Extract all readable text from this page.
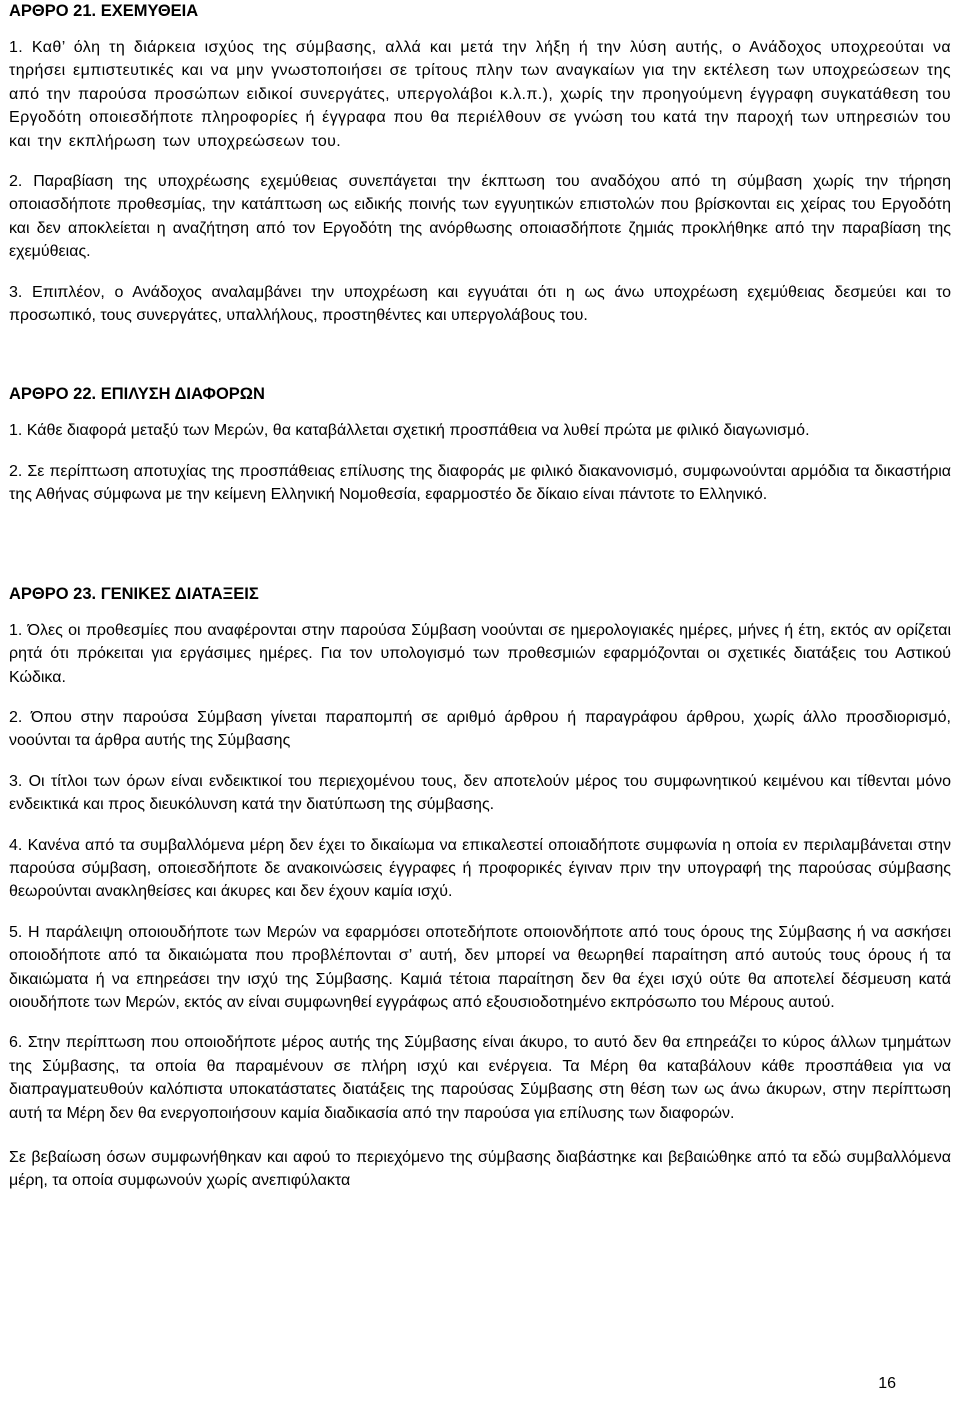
ΑΡΘΡΟ 21. ΕΧΕΜΥΘΕΙΑ

1. Καθ’ όλη τη διάρκεια ισχύος της σύμβασης, αλλά και μετά την λήξη ή την λύση αυτής, ο Ανάδοχος υποχρεούται να τηρήσει εμπιστευτικές και να μην γνωστοποιήσει σε τρίτους πλην των αναγκαίων για την εκτέλεση των υποχρεώσεων της από την παρούσα προσώπων ειδικοί συνεργάτες, υπεργολάβοι κ.λ.π.), χωρίς την προηγούμενη έγγραφη συγκατάθεση του Εργοδότη οποιεσδήποτε πληροφορίες ή έγγραφα που θα περιέλθουν σε γνώση του κατά την παροχή των υπηρεσιών του και την εκπλήρωση των υποχρεώσεων του.

2. Παραβίαση της υποχρέωσης εχεμύθειας συνεπάγεται την έκπτωση του αναδόχου από τη σύμβαση χωρίς την τήρηση οποιασδήποτε προθεσμίας, την κατάπτωση ως ειδικής ποινής των εγγυητικών επιστολών που βρίσκονται εις χείρας του Εργοδότη και δεν αποκλείεται η αναζήτηση από τον Εργοδότη της ανόρθωσης οποιασδήποτε ζημιάς προκλήθηκε από την παραβίαση της εχεμύθειας.

3. Επιπλέον, ο Ανάδοχος αναλαμβάνει την υποχρέωση και εγγυάται ότι η ως άνω υποχρέωση εχεμύθειας δεσμεύει και το προσωπικό, τους συνεργάτες, υπαλλήλους, προστηθέντες και υπεργολάβους του.

ΑΡΘΡΟ 22. ΕΠΙΛΥΣΗ ΔΙΑΦΟΡΩΝ

1. Κάθε διαφορά μεταξύ των Μερών, θα καταβάλλεται σχετική προσπάθεια να λυθεί πρώτα με φιλικό διαγωνισμό.

2. Σε περίπτωση αποτυχίας της προσπάθειας επίλυσης της διαφοράς με φιλικό διακανονισμό, συμφωνούνται αρμόδια τα δικαστήρια της Αθήνας σύμφωνα με την κείμενη Ελληνική Νομοθεσία, εφαρμοστέο δε δίκαιο είναι πάντοτε το Ελληνικό.

ΑΡΘΡΟ 23. ΓΕΝΙΚΕΣ ΔΙΑΤΑΞΕΙΣ

1. Όλες οι προθεσμίες που αναφέρονται στην παρούσα Σύμβαση νοούνται σε ημερολογιακές ημέρες, μήνες ή έτη, εκτός αν ορίζεται ρητά ότι πρόκειται για εργάσιμες ημέρες. Για τον υπολογισμό των προθεσμιών εφαρμόζονται οι σχετικές διατάξεις του Αστικού Κώδικα.

2. Όπου στην παρούσα Σύμβαση γίνεται παραπομπή σε αριθμό άρθρου ή παραγράφου άρθρου, χωρίς άλλο προσδιορισμό, νοούνται τα άρθρα αυτής της Σύμβασης

3. Οι τίτλοι των όρων είναι ενδεικτικοί του περιεχομένου τους, δεν αποτελούν μέρος του συμφωνητικού κειμένου και τίθενται μόνο ενδεικτικά και προς διευκόλυνση κατά την διατύπωση της σύμβασης.

4. Κανένα από τα συμβαλλόμενα μέρη δεν έχει το δικαίωμα να επικαλεστεί οποιαδήποτε συμφωνία η οποία εν περιλαμβάνεται στην παρούσα σύμβαση, οποιεσδήποτε δε ανακοινώσεις έγγραφες ή προφορικές έγιναν πριν την υπογραφή της παρούσας σύμβασης θεωρούνται ανακληθείσες και άκυρες και δεν έχουν καμία ισχύ.

5. Η παράλειψη οποιουδήποτε των Μερών να εφαρμόσει οποτεδήποτε οποιονδήποτε από τους όρους της Σύμβασης ή να ασκήσει οποιοδήποτε από τα δικαιώματα που προβλέπονται σ’ αυτή, δεν μπορεί να θεωρηθεί παραίτηση από αυτούς τους όρους ή τα δικαιώματα ή να επηρεάσει την ισχύ της Σύμβασης. Καμιά τέτοια παραίτηση δεν θα έχει ισχύ ούτε θα αποτελεί δέσμευση κατά οιουδήποτε των Μερών, εκτός αν είναι συμφωνηθεί εγγράφως από εξουσιοδοτημένο εκπρόσωπο του Μέρους αυτού.

6. Στην περίπτωση που οποιοδήποτε μέρος αυτής της Σύμβασης είναι άκυρο, το αυτό δεν θα επηρεάζει το κύρος άλλων τμημάτων της Σύμβασης, τα οποία θα παραμένουν σε πλήρη ισχύ και ενέργεια. Τα Μέρη θα καταβάλουν κάθε προσπάθεια για να διαπραγματευθούν καλόπιστα υποκατάστατες διατάξεις της παρούσας Σύμβασης στη θέση των ως άνω άκυρων, στην περίπτωση αυτή τα Μέρη δεν θα ενεργοποιήσουν καμία διαδικασία από την παρούσα για επίλυσης των διαφορών.

Σε βεβαίωση όσων συμφωνήθηκαν και αφού το περιεχόμενο της σύμβασης διαβάστηκε και βεβαιώθηκε από τα εδώ συμβαλλόμενα μέρη, τα οποία συμφωνούν χωρίς ανεπιφύλακτα

16
